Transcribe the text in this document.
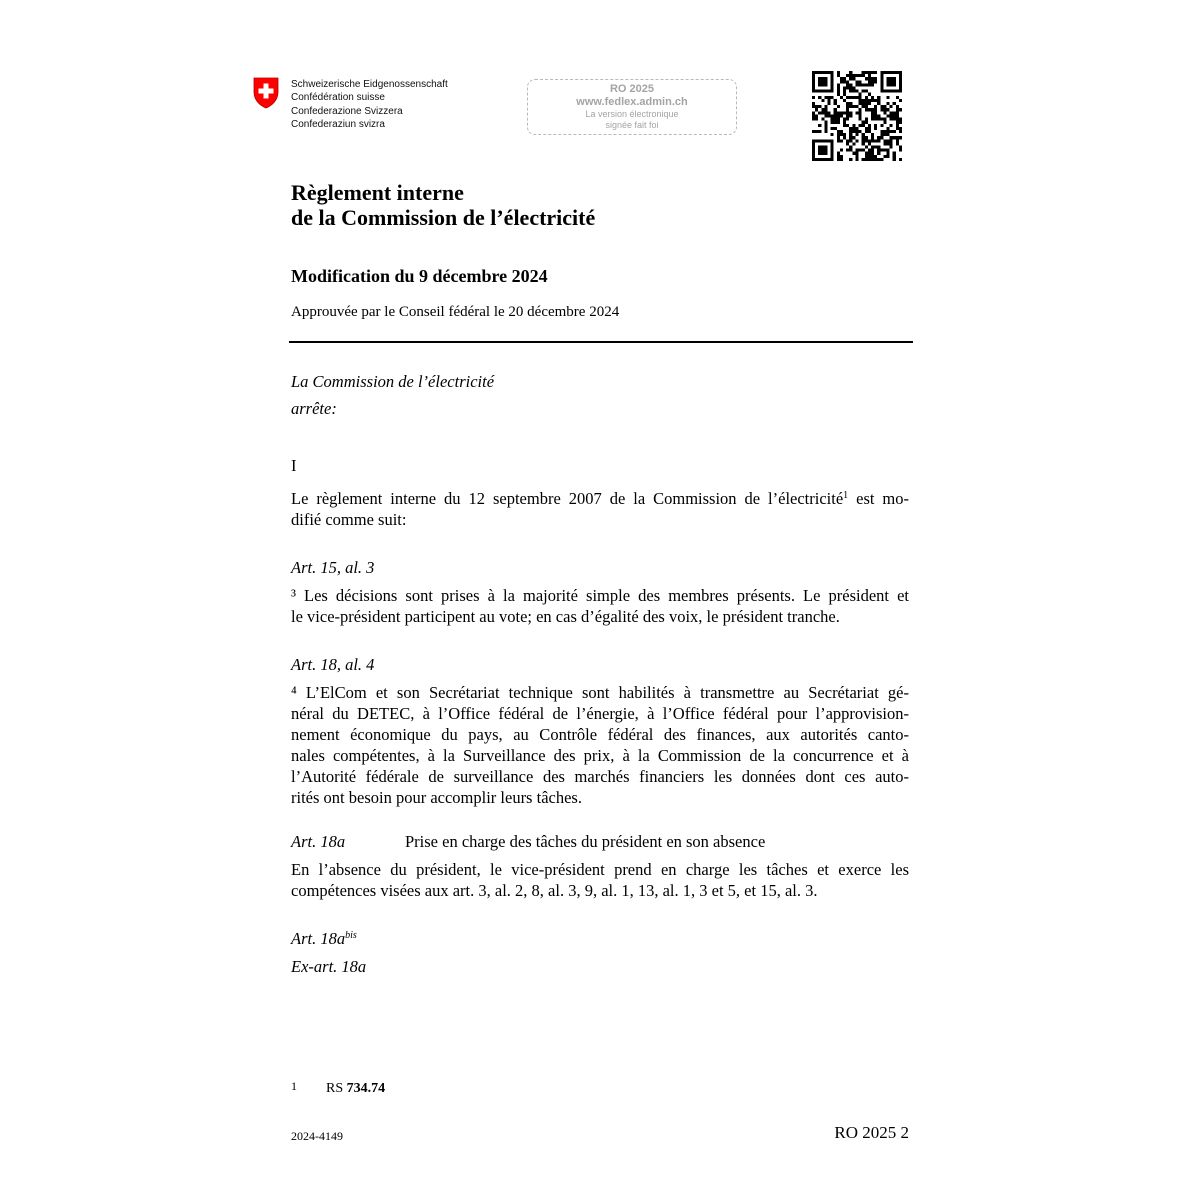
Schweizerische Eidgenossenschaft
Confédération suisse
Confederazione Svizzera
Confederaziun svizra
RO 2025
www.fedlex.admin.ch
La version électronique
signée fait foi
Règlement interne
de la Commission de l’électricité
Modification du 9 décembre 2024
Approuvée par le Conseil fédéral le 20 décembre 2024
La Commission de l’électricité
arrête:
I
Le règlement interne du 12 septembre 2007 de la Commission de l’électricité$^1$ est mo-
difié comme suit:
Art. 15, al. 3
³ Les décisions sont prises à la majorité simple des membres présents. Le président et
le vice-président participent au vote; en cas d’égalité des voix, le président tranche.
Art. 18, al. 4
⁴ L’ElCom et son Secrétariat technique sont habilités à transmettre au Secrétariat gé-
néral du DETEC, à l’Office fédéral de l’énergie, à l’Office fédéral pour l’approvision-
nement économique du pays, au Contrôle fédéral des finances, aux autorités canto-
nales compétentes, à la Surveillance des prix, à la Commission de la concurrence et à
l’Autorité fédérale de surveillance des marchés financiers les données dont ces auto-
rités ont besoin pour accomplir leurs tâches.
Art. 18a	Prise en charge des tâches du président en son absence
En l’absence du président, le vice-président prend en charge les tâches et exerce les
compétences visées aux art. 3, al. 2, 8, al. 3, 9, al. 1, 13, al. 1, 3 et 5, et 15, al. 3.
Art. $18a^{bis}$
Ex-art. 18a
1 RS 734.74
2024-4149	RO 2025 2
